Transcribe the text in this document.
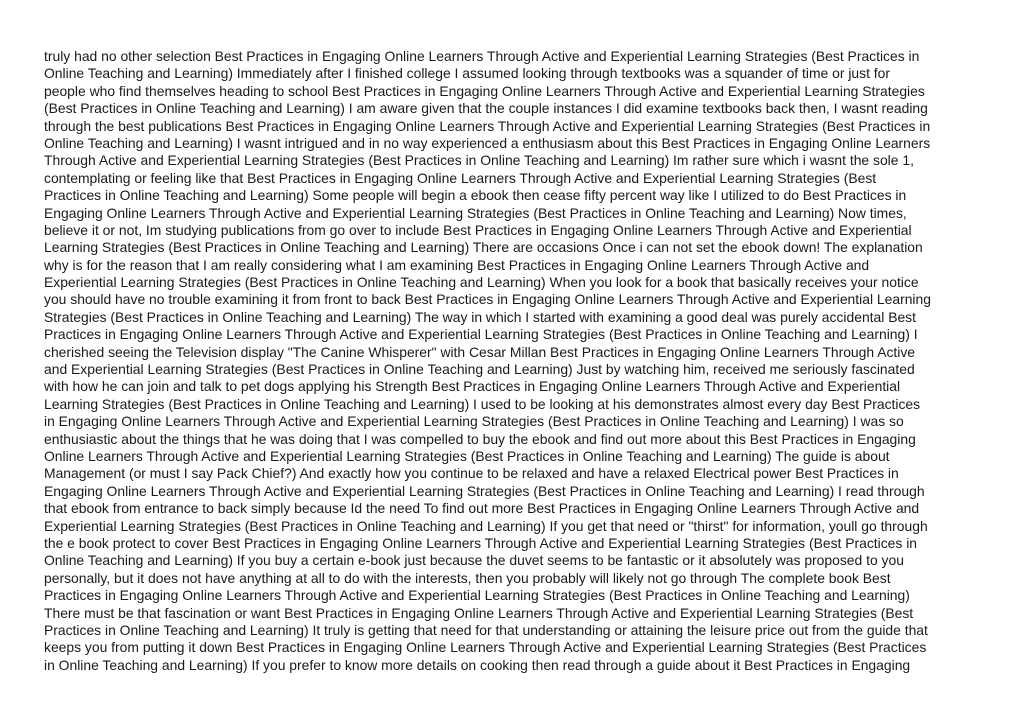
truly had no other selection Best Practices in Engaging Online Learners Through Active and Experiential Learning Strategies (Best Practices in
Online Teaching and Learning) Immediately after I finished college I assumed looking through textbooks was a squander of time or just for
people who find themselves heading to school Best Practices in Engaging Online Learners Through Active and Experiential Learning Strategies
(Best Practices in Online Teaching and Learning) I am aware given that the couple instances I did examine textbooks back then, I wasnt reading
through the best publications Best Practices in Engaging Online Learners Through Active and Experiential Learning Strategies (Best Practices in
Online Teaching and Learning) I wasnt intrigued and in no way experienced a enthusiasm about this Best Practices in Engaging Online Learners
Through Active and Experiential Learning Strategies (Best Practices in Online Teaching and Learning) Im rather sure which i wasnt the sole 1,
contemplating or feeling like that Best Practices in Engaging Online Learners Through Active and Experiential Learning Strategies (Best
Practices in Online Teaching and Learning) Some people will begin a ebook then cease fifty percent way like I utilized to do Best Practices in
Engaging Online Learners Through Active and Experiential Learning Strategies (Best Practices in Online Teaching and Learning) Now times,
believe it or not, Im studying publications from go over to include Best Practices in Engaging Online Learners Through Active and Experiential
Learning Strategies (Best Practices in Online Teaching and Learning) There are occasions Once i can not set the ebook down! The explanation
why is for the reason that I am really considering what I am examining Best Practices in Engaging Online Learners Through Active and
Experiential Learning Strategies (Best Practices in Online Teaching and Learning) When you look for a book that basically receives your notice
you should have no trouble examining it from front to back Best Practices in Engaging Online Learners Through Active and Experiential Learning
Strategies (Best Practices in Online Teaching and Learning) The way in which I started with examining a good deal was purely accidental Best
Practices in Engaging Online Learners Through Active and Experiential Learning Strategies (Best Practices in Online Teaching and Learning) I
cherished seeing the Television display "The Canine Whisperer" with Cesar Millan Best Practices in Engaging Online Learners Through Active
and Experiential Learning Strategies (Best Practices in Online Teaching and Learning) Just by watching him, received me seriously fascinated
with how he can join and talk to pet dogs applying his Strength Best Practices in Engaging Online Learners Through Active and Experiential
Learning Strategies (Best Practices in Online Teaching and Learning) I used to be looking at his demonstrates almost every day Best Practices
in Engaging Online Learners Through Active and Experiential Learning Strategies (Best Practices in Online Teaching and Learning) I was so
enthusiastic about the things that he was doing that I was compelled to buy the ebook and find out more about this Best Practices in Engaging
Online Learners Through Active and Experiential Learning Strategies (Best Practices in Online Teaching and Learning) The guide is about
Management (or must I say Pack Chief?) And exactly how you continue to be relaxed and have a relaxed Electrical power Best Practices in
Engaging Online Learners Through Active and Experiential Learning Strategies (Best Practices in Online Teaching and Learning) I read through
that ebook from entrance to back simply because Id the need To find out more Best Practices in Engaging Online Learners Through Active and
Experiential Learning Strategies (Best Practices in Online Teaching and Learning) If you get that need or "thirst" for information, youll go through
the e book protect to cover Best Practices in Engaging Online Learners Through Active and Experiential Learning Strategies (Best Practices in
Online Teaching and Learning) If you buy a certain e-book just because the duvet seems to be fantastic or it absolutely was proposed to you
personally, but it does not have anything at all to do with the interests, then you probably will likely not go through The complete book Best
Practices in Engaging Online Learners Through Active and Experiential Learning Strategies (Best Practices in Online Teaching and Learning)
There must be that fascination or want Best Practices in Engaging Online Learners Through Active and Experiential Learning Strategies (Best
Practices in Online Teaching and Learning) It truly is getting that need for that understanding or attaining the leisure price out from the guide that
keeps you from putting it down Best Practices in Engaging Online Learners Through Active and Experiential Learning Strategies (Best Practices
in Online Teaching and Learning) If you prefer to know more details on cooking then read through a guide about it Best Practices in Engaging
